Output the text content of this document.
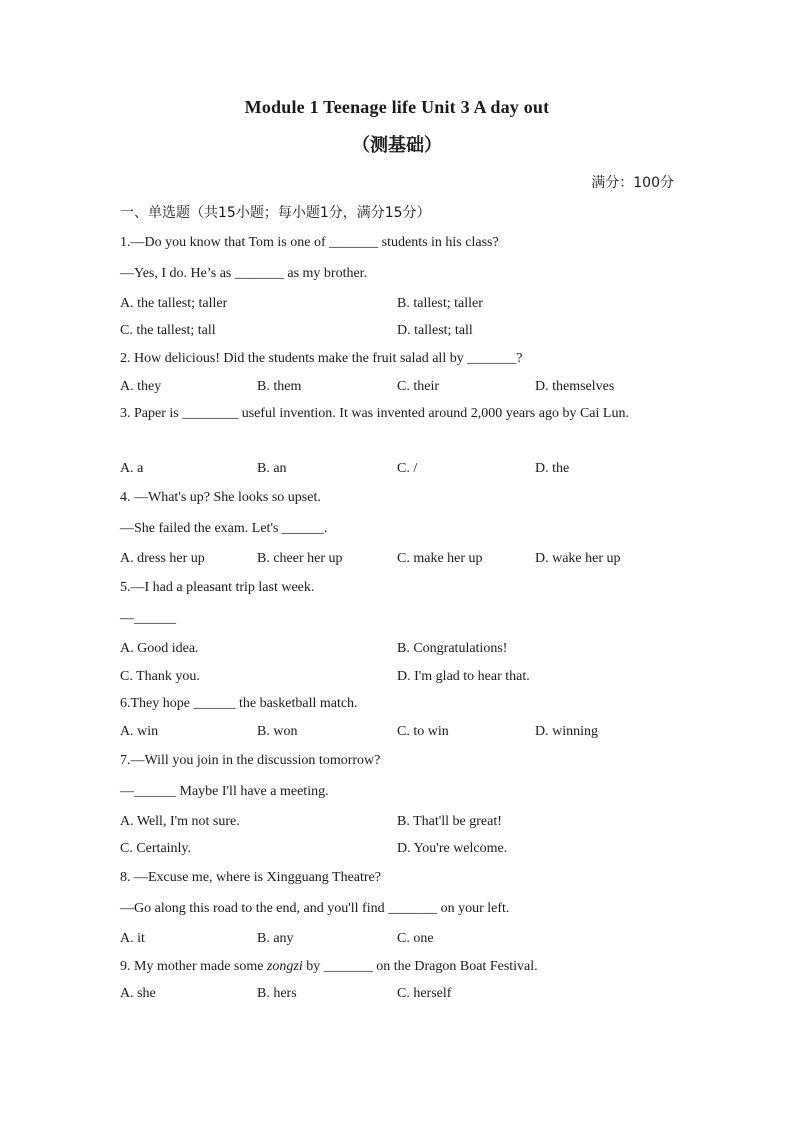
Module 1 Teenage life Unit 3 A day out
（测基础）
满分：100分
一、单选题（共15小题；每小题1分，满分15分）
1.—Do you know that Tom is one of _______ students in his class?
—Yes, I do. He’s as _______ as my brother.
A. the tallest; taller	B. tallest; taller
C. the tallest; tall	D. tallest; tall
2. How delicious! Did the students make the fruit salad all by _______?
A. they	B. them	C. their	D. themselves
3. Paper is ________ useful invention. It was invented around 2,000 years ago by Cai Lun.
A. a	B. an	C. /	D. the
4. —What's up? She looks so upset.
—She failed the exam. Let's ______.
A. dress her up	B. cheer her up	C. make her up	D. wake her up
5.—I had a pleasant trip last week.
—______
A. Good idea.	B. Congratulations!
C. Thank you.	D. I'm glad to hear that.
6.They hope ______ the basketball match.
A. win	B. won	C. to win	D. winning
7.—Will you join in the discussion tomorrow?
—______ Maybe I'll have a meeting.
A. Well, I'm not sure.	B. That'll be great!
C. Certainly.	D. You're welcome.
8. —Excuse me, where is Xingguang Theatre?
—Go along this road to the end, and you'll find _______ on your left.
A. it	B. any	C. one
9. My mother made some zongzi by _______ on the Dragon Boat Festival.
A. she	B. hers	C. herself
